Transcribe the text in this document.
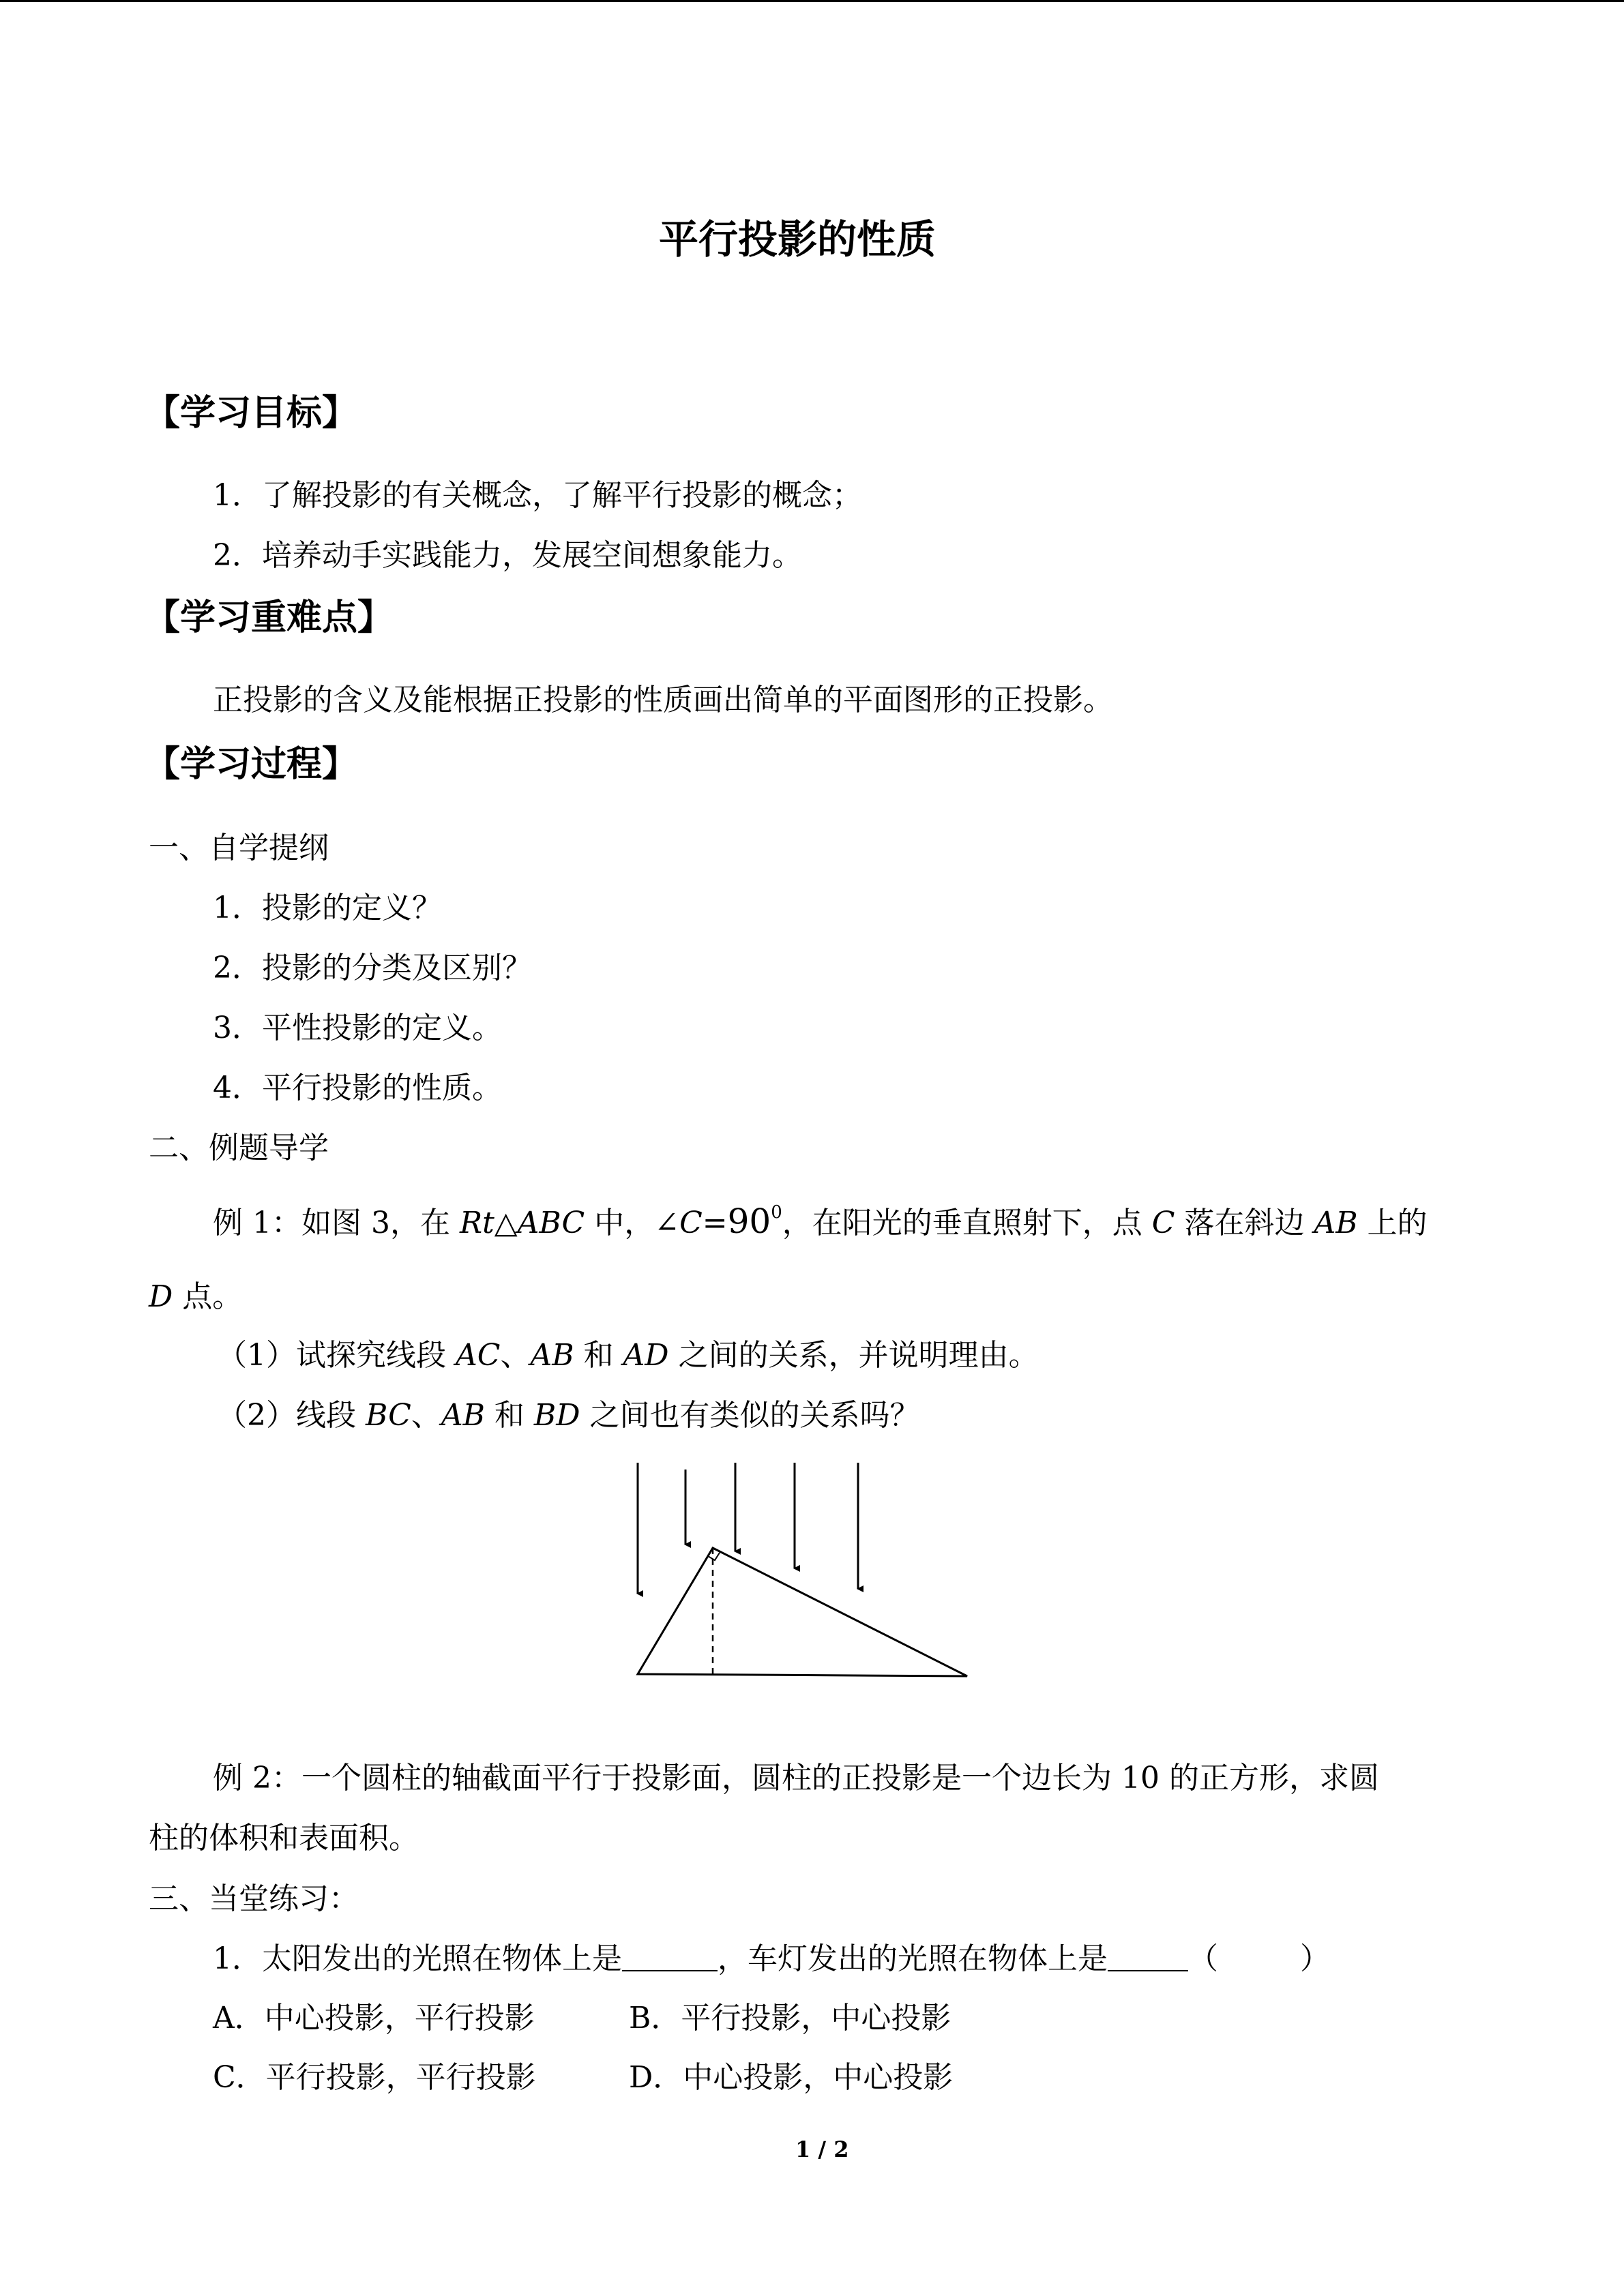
平行投影的性质
【学习目标】
1．了解投影的有关概念，了解平行投影的概念；
2．培养动手实践能力，发展空间想象能力。
【学习重难点】
正投影的含义及能根据正投影的性质画出简单的平面图形的正投影。
【学习过程】
一、自学提纲
1．投影的定义？
2．投影的分类及区别？
3．平性投影的定义。
4．平行投影的性质。
二、例题导学
例 1：如图 3，在 Rt△ABC 中，$\angle C=90^0$，在阳光的垂直照射下，点 C 落在斜边 AB 上的
D 点。
（1）试探究线段 AC、AB 和 AD 之间的关系，并说明理由。
（2）线段 BC、AB 和 BD 之间也有类似的关系吗？
例 2：一个圆柱的轴截面平行于投影面，圆柱的正投影是一个边长为 10 的正方形，求圆
柱的体积和表面积。
三、当堂练习：
1．太阳发出的光照在物体上是	，车灯发出的光照在物体上是	（	）
A．中心投影，平行投影	B．平行投影，中心投影
C．平行投影，平行投影	D．中心投影，中心投影
1 / 2
